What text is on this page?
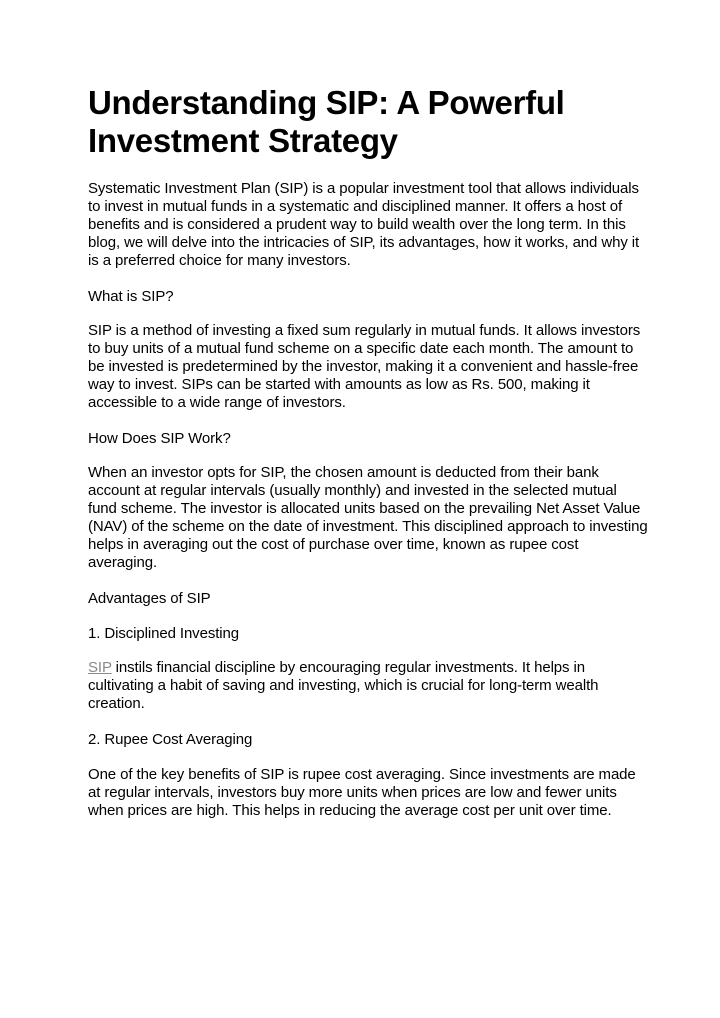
Understanding SIP: A Powerful Investment Strategy

Systematic Investment Plan (SIP) is a popular investment tool that allows individuals to invest in mutual funds in a systematic and disciplined manner. It offers a host of benefits and is considered a prudent way to build wealth over the long term. In this blog, we will delve into the intricacies of SIP, its advantages, how it works, and why it is a preferred choice for many investors.

What is SIP?

SIP is a method of investing a fixed sum regularly in mutual funds. It allows investors to buy units of a mutual fund scheme on a specific date each month. The amount to be invested is predetermined by the investor, making it a convenient and hassle-free way to invest. SIPs can be started with amounts as low as Rs. 500, making it accessible to a wide range of investors.

How Does SIP Work?

When an investor opts for SIP, the chosen amount is deducted from their bank account at regular intervals (usually monthly) and invested in the selected mutual fund scheme. The investor is allocated units based on the prevailing Net Asset Value (NAV) of the scheme on the date of investment. This disciplined approach to investing helps in averaging out the cost of purchase over time, known as rupee cost averaging.

Advantages of SIP

1. Disciplined Investing

SIP instils financial discipline by encouraging regular investments. It helps in cultivating a habit of saving and investing, which is crucial for long-term wealth creation.

2. Rupee Cost Averaging

One of the key benefits of SIP is rupee cost averaging. Since investments are made at regular intervals, investors buy more units when prices are low and fewer units when prices are high. This helps in reducing the average cost per unit over time.
